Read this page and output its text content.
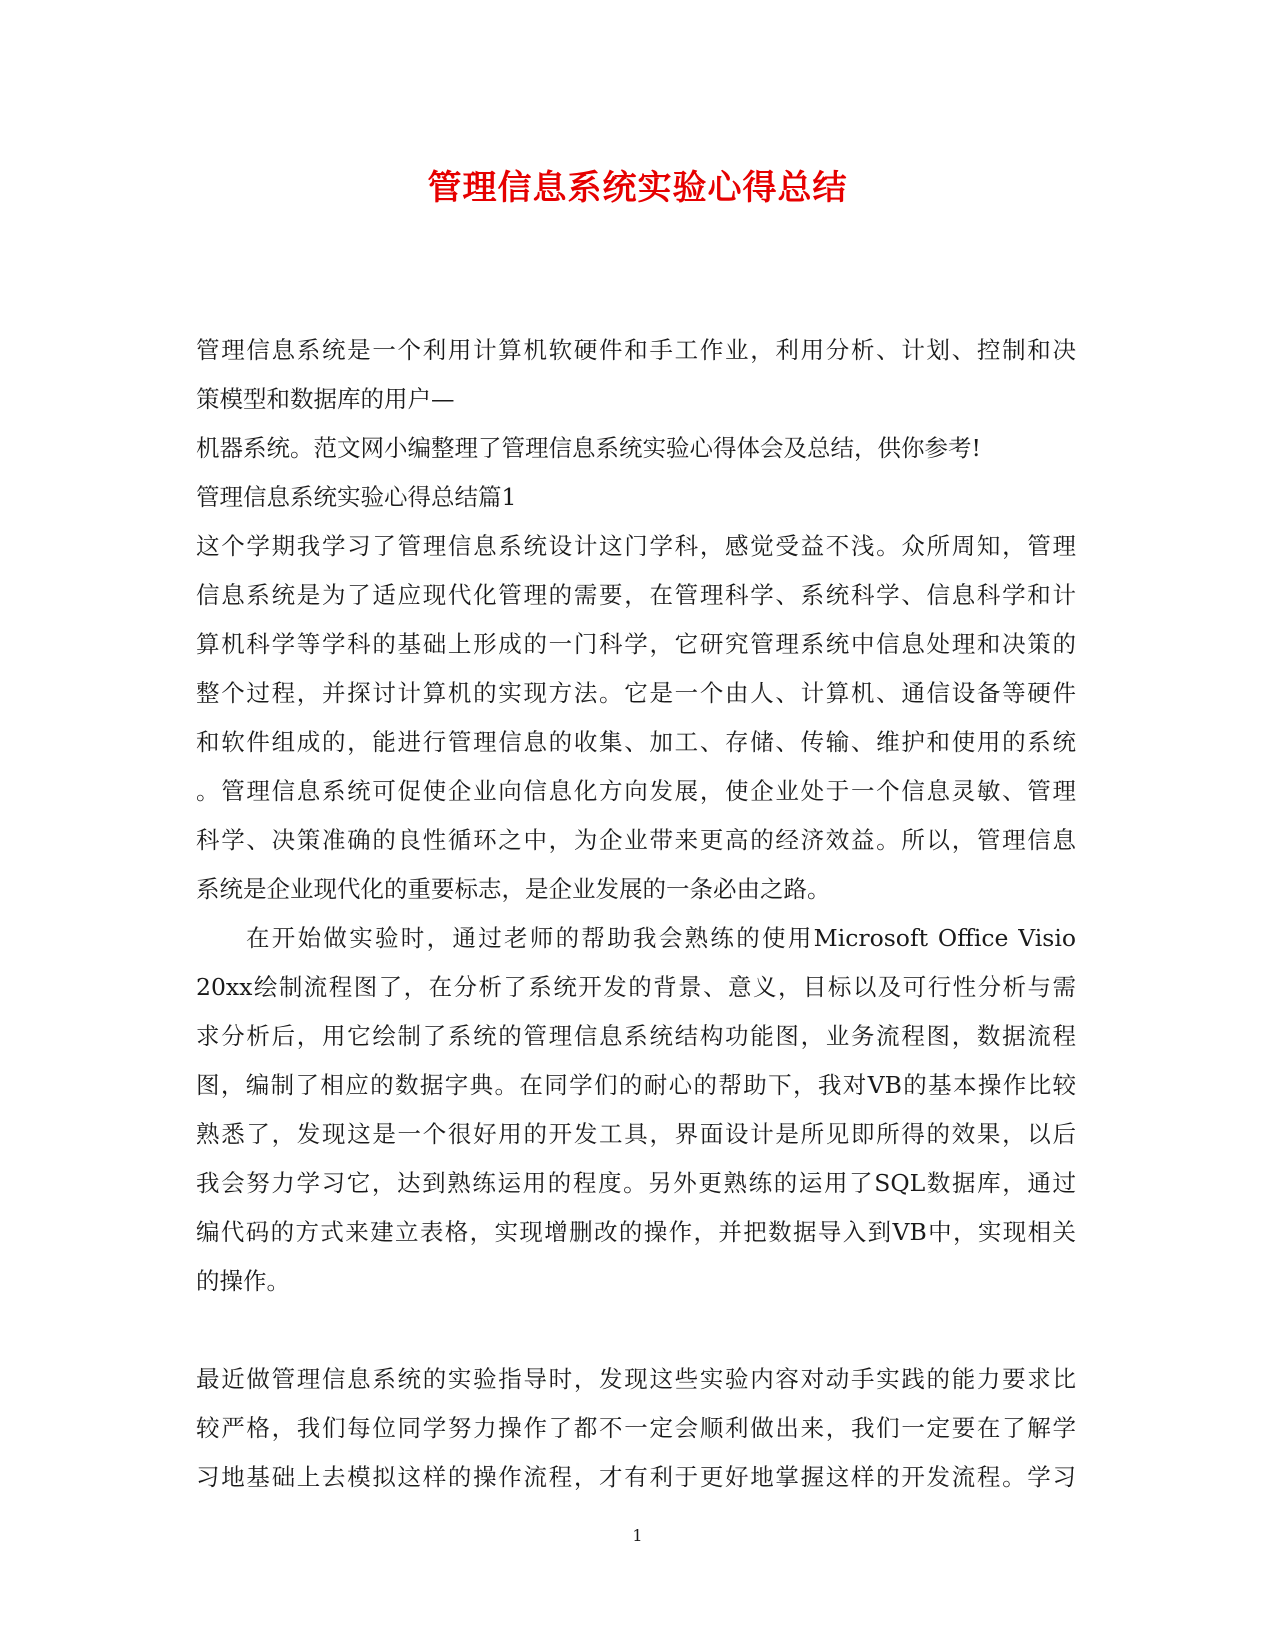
管理信息系统实验心得总结
管理信息系统是一个利用计算机软硬件和手工作业，利用分析、计划、控制和决
策模型和数据库的用户—
机器系统。范文网小编整理了管理信息系统实验心得体会及总结，供你参考!
管理信息系统实验心得总结篇1
这个学期我学习了管理信息系统设计这门学科，感觉受益不浅。众所周知，管理
信息系统是为了适应现代化管理的需要，在管理科学、系统科学、信息科学和计
算机科学等学科的基础上形成的一门科学，它研究管理系统中信息处理和决策的
整个过程，并探讨计算机的实现方法。它是一个由人、计算机、通信设备等硬件
和软件组成的，能进行管理信息的收集、加工、存储、传输、维护和使用的系统
。管理信息系统可促使企业向信息化方向发展，使企业处于一个信息灵敏、管理
科学、决策准确的良性循环之中，为企业带来更高的经济效益。所以，管理信息
系统是企业现代化的重要标志，是企业发展的一条必由之路。
在开始做实验时，通过老师的帮助我会熟练的使用Microsoft Office Visio
20xx绘制流程图了，在分析了系统开发的背景、意义，目标以及可行性分析与需
求分析后，用它绘制了系统的管理信息系统结构功能图，业务流程图，数据流程
图，编制了相应的数据字典。在同学们的耐心的帮助下，我对VB的基本操作比较
熟悉了，发现这是一个很好用的开发工具，界面设计是所见即所得的效果，以后
我会努力学习它，达到熟练运用的程度。另外更熟练的运用了SQL数据库，通过
编代码的方式来建立表格，实现增删改的操作，并把数据导入到VB中，实现相关
的操作。
最近做管理信息系统的实验指导时，发现这些实验内容对动手实践的能力要求比
较严格，我们每位同学努力操作了都不一定会顺利做出来，我们一定要在了解学
习地基础上去模拟这样的操作流程，才有利于更好地掌握这样的开发流程。学习
1
